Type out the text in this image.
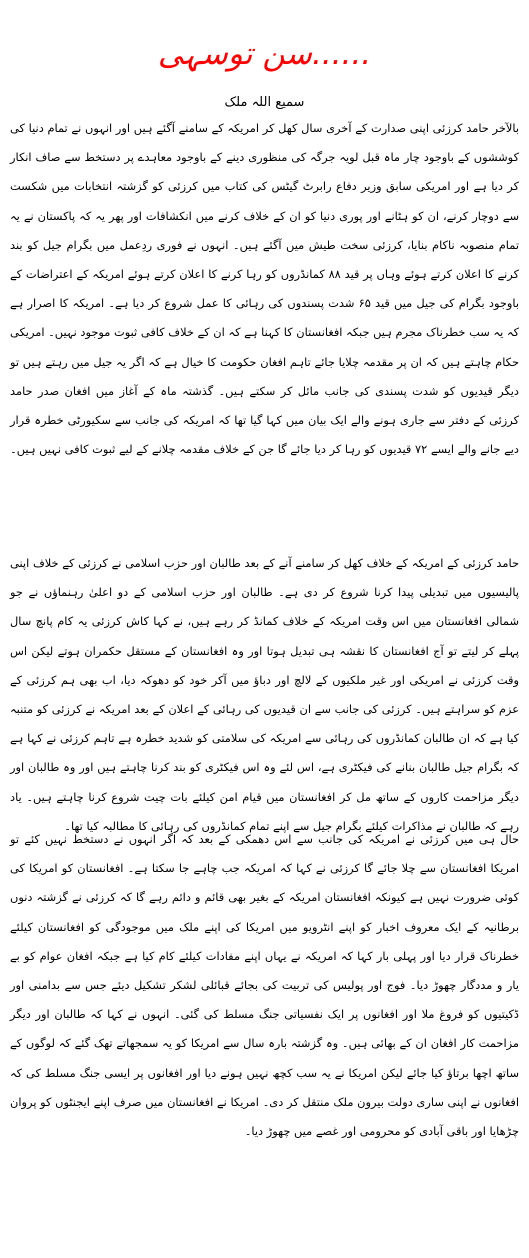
سن توسہی......
سمیع اللہ ملک

بالآخر حامد کرزئی اپنی صدارت کے آخری سال کھل کر امریکہ کے سامنے آگئے ہیں اور انہوں نے تمام دنیا کی کوششوں کے باوجود چار ماہ قبل لویہ جرگہ کی منظوری دینے کے باوجود معاہدے پر دستخط سے صاف انکار کر دیا ہے اور امریکی سابق وزیر دفاع رابرٹ گیٹس کی کتاب میں کرزئی کو گزشتہ انتخابات میں شکست سے دوچار کرنے، ان کو ہٹانے اور پوری دنیا کو ان کے خلاف کرنے میں انکشافات اور پھر یہ کہ پاکستان نے یہ تمام منصوبہ ناکام بنایا، کرزئی سخت طیش میں آگئے ہیں۔ انہوں نے فوری ردِعمل میں بگرام جیل کو بند کرنے کا اعلان کرتے ہوئے وہاں پر قید ۸۸ کمانڈروں کو رہا کرنے کا اعلان کرتے ہوئے امریکہ کے اعتراضات کے باوجود بگرام کی جیل میں قید ۶۵ شدت پسندوں کی رہائی کا عمل شروع کر دیا ہے۔ امریکہ کا اصرار ہے کہ یہ سب خطرناک مجرم ہیں جبکہ افغانستان کا کہنا ہے کہ ان کے خلاف کافی ثبوت موجود نہیں۔ امریکی حکام چاہتے ہیں کہ ان پر مقدمہ چلایا جائے تاہم افغان حکومت کا خیال ہے کہ اگر یہ جیل میں رہتے ہیں تو دیگر قیدیوں کو شدت پسندی کی جانب مائل کر سکتے ہیں۔ گذشتہ ماہ کے آغاز میں افغان صدر حامد کرزئی کے دفتر سے جاری ہونے والے ایک بیان میں کہا گیا تھا کہ امریکہ کی جانب سے سکیورٹی خطرہ قرار دیے جانے والے ایسے ۷۲ قیدیوں کو رہا کر دیا جائے گا جن کے خلاف مقدمہ چلانے کے لیے ثبوت کافی نہیں ہیں۔

حامد کرزئی کے امریکہ کے خلاف کھل کر سامنے آنے کے بعد طالبان اور حزب اسلامی نے کرزئی کے خلاف اپنی پالیسیوں میں تبدیلی پیدا کرنا شروع کر دی ہے۔ طالبان اور حزب اسلامی کے دو اعلیٰ رہنماؤں نے جو شمالی افغانستان میں اس وقت امریکہ کے خلاف کمانڈ کر رہے ہیں، نے کہا کاش کرزئی یہ کام پانچ سال پہلے کر لیتے تو آج افغانستان کا نقشہ ہی تبدیل ہوتا اور وہ افغانستان کے مستقل حکمران ہوتے لیکن اس وقت کرزئی نے امریکی اور غیر ملکیوں کے لالچ اور دباؤ میں آکر خود کو دھوکہ دیا، اب بھی ہم کرزئی کے عزم کو سراہتے ہیں۔ کرزئی کی جانب سے ان قیدیوں کی رہائی کے اعلان کے بعد امریکہ نے کرزئی کو متنبہ کیا ہے کہ ان طالبان کمانڈروں کی رہائی سے امریکہ کی سلامتی کو شدید خطرہ ہے تاہم کرزئی نے کہا ہے کہ بگرام جیل طالبان بنانے کی فیکٹری ہے، اس لئے وہ اس فیکٹری کو بند کرنا چاہتے ہیں اور وہ طالبان اور دیگر مزاحمت کاروں کے ساتھ مل کر افغانستان میں قیام امن کیلئے بات چیت شروع کرنا چاہتے ہیں۔ یاد رہے کہ طالبان نے مذاکرات کیلئے بگرام جیل سے اپنے تمام کمانڈروں کی رہائی کا مطالبہ کیا تھا۔

حال ہی میں کرزئی نے امریکہ کی جانب سے اس دھمکی کے بعد کہ اگر انہوں نے دستخط نہیں کئے تو امریکا افغانستان سے چلا جائے گا کرزئی نے کہا کہ امریکہ جب چاہے جا سکتا ہے۔ افغانستان کو امریکا کی کوئی ضرورت نہیں ہے کیونکہ افغانستان امریکہ کے بغیر بھی قائم و دائم رہے گا کہ کرزئی نے گزشتہ دنوں برطانیہ کے ایک معروف اخبار کو اپنے انٹرویو میں امریکا کی اپنے ملک میں موجودگی کو افغانستان کیلئے خطرناک قرار دیا اور پہلی بار کہا کہ امریکہ نے یہاں اپنے مفادات کیلئے کام کیا ہے جبکہ افغان عوام کو بے یار و مددگار چھوڑ دیا۔ فوج اور پولیس کی تربیت کی بجائے قبائلی لشکر تشکیل دیئے جس سے بدامنی اور ڈکیتیوں کو فروغ ملا اور افغانوں پر ایک نفسیاتی جنگ مسلط کی گئی۔ انہوں نے کہا کہ طالبان اور دیگر مزاحمت کار افغان ان کے بھائی ہیں۔ وہ گزشتہ بارہ سال سے امریکا کو یہ سمجھاتے تھک گئے کہ لوگوں کے ساتھ اچھا برتاؤ کیا جائے لیکن امریکا نے یہ سب کچھ نہیں ہونے دیا اور افغانوں پر ایسی جنگ مسلط کی کہ افغانوں نے اپنی ساری دولت بیرون ملک منتقل کر دی۔ امریکا نے افغانستان میں صرف اپنے ایجنٹوں کو پروان چڑھایا اور باقی آبادی کو محرومی اور غصے میں چھوڑ دیا۔
